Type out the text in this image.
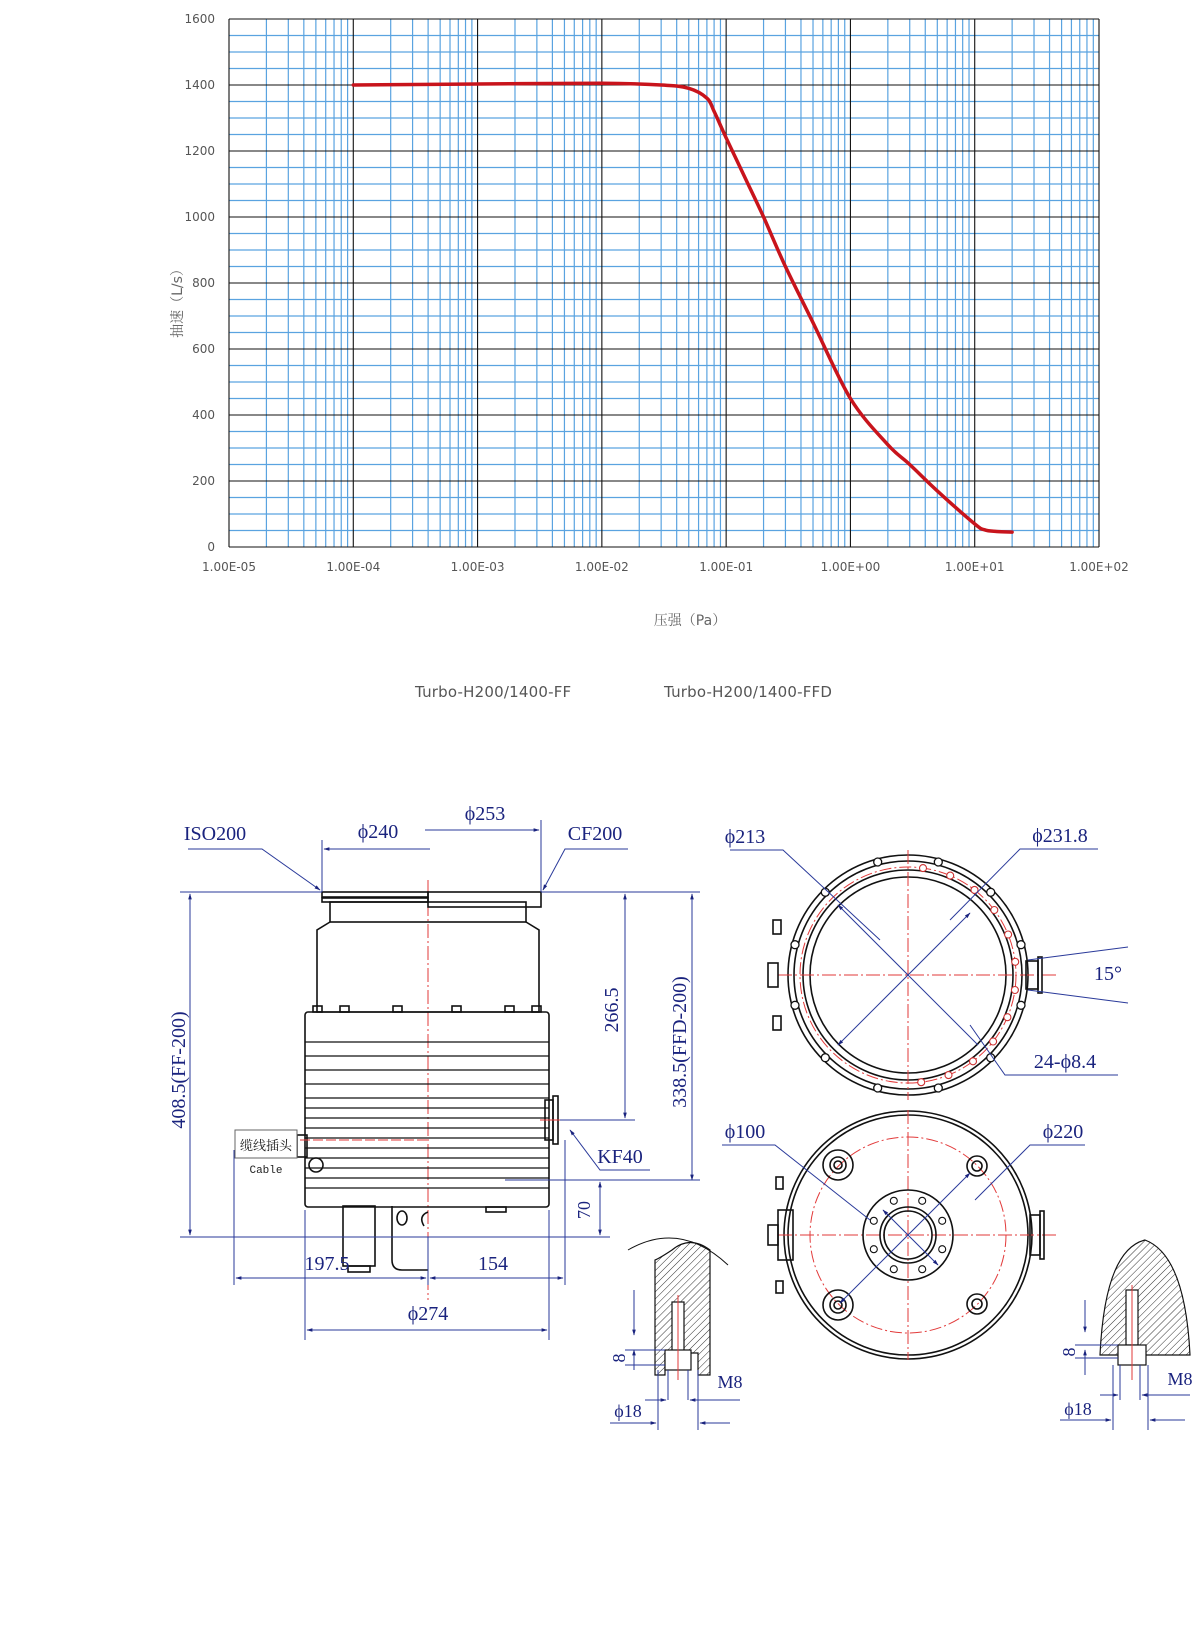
0
200
400
600
800
1000
1200
1400
1600
1.00E-05	1.00E-04	1.00E-03	1.00E-02	1.00E-01	1.00E+00	1.00E+01	1.00E+02
压强（Pa）
抽速（L/s）
Turbo-H200/1400-FF	Turbo-H200/1400-FFD
缆线插头
Cable
408.5(FF-200)
266.5 338.5(FFD-200)
70
197.5	154
ϕ274
ϕ240
ϕ253
ISO200	CF200
KF40
ϕ213	ϕ231.8
15°
24-ϕ8.4
ϕ100	ϕ220
8
M8
ϕ18
8
M8
ϕ18
